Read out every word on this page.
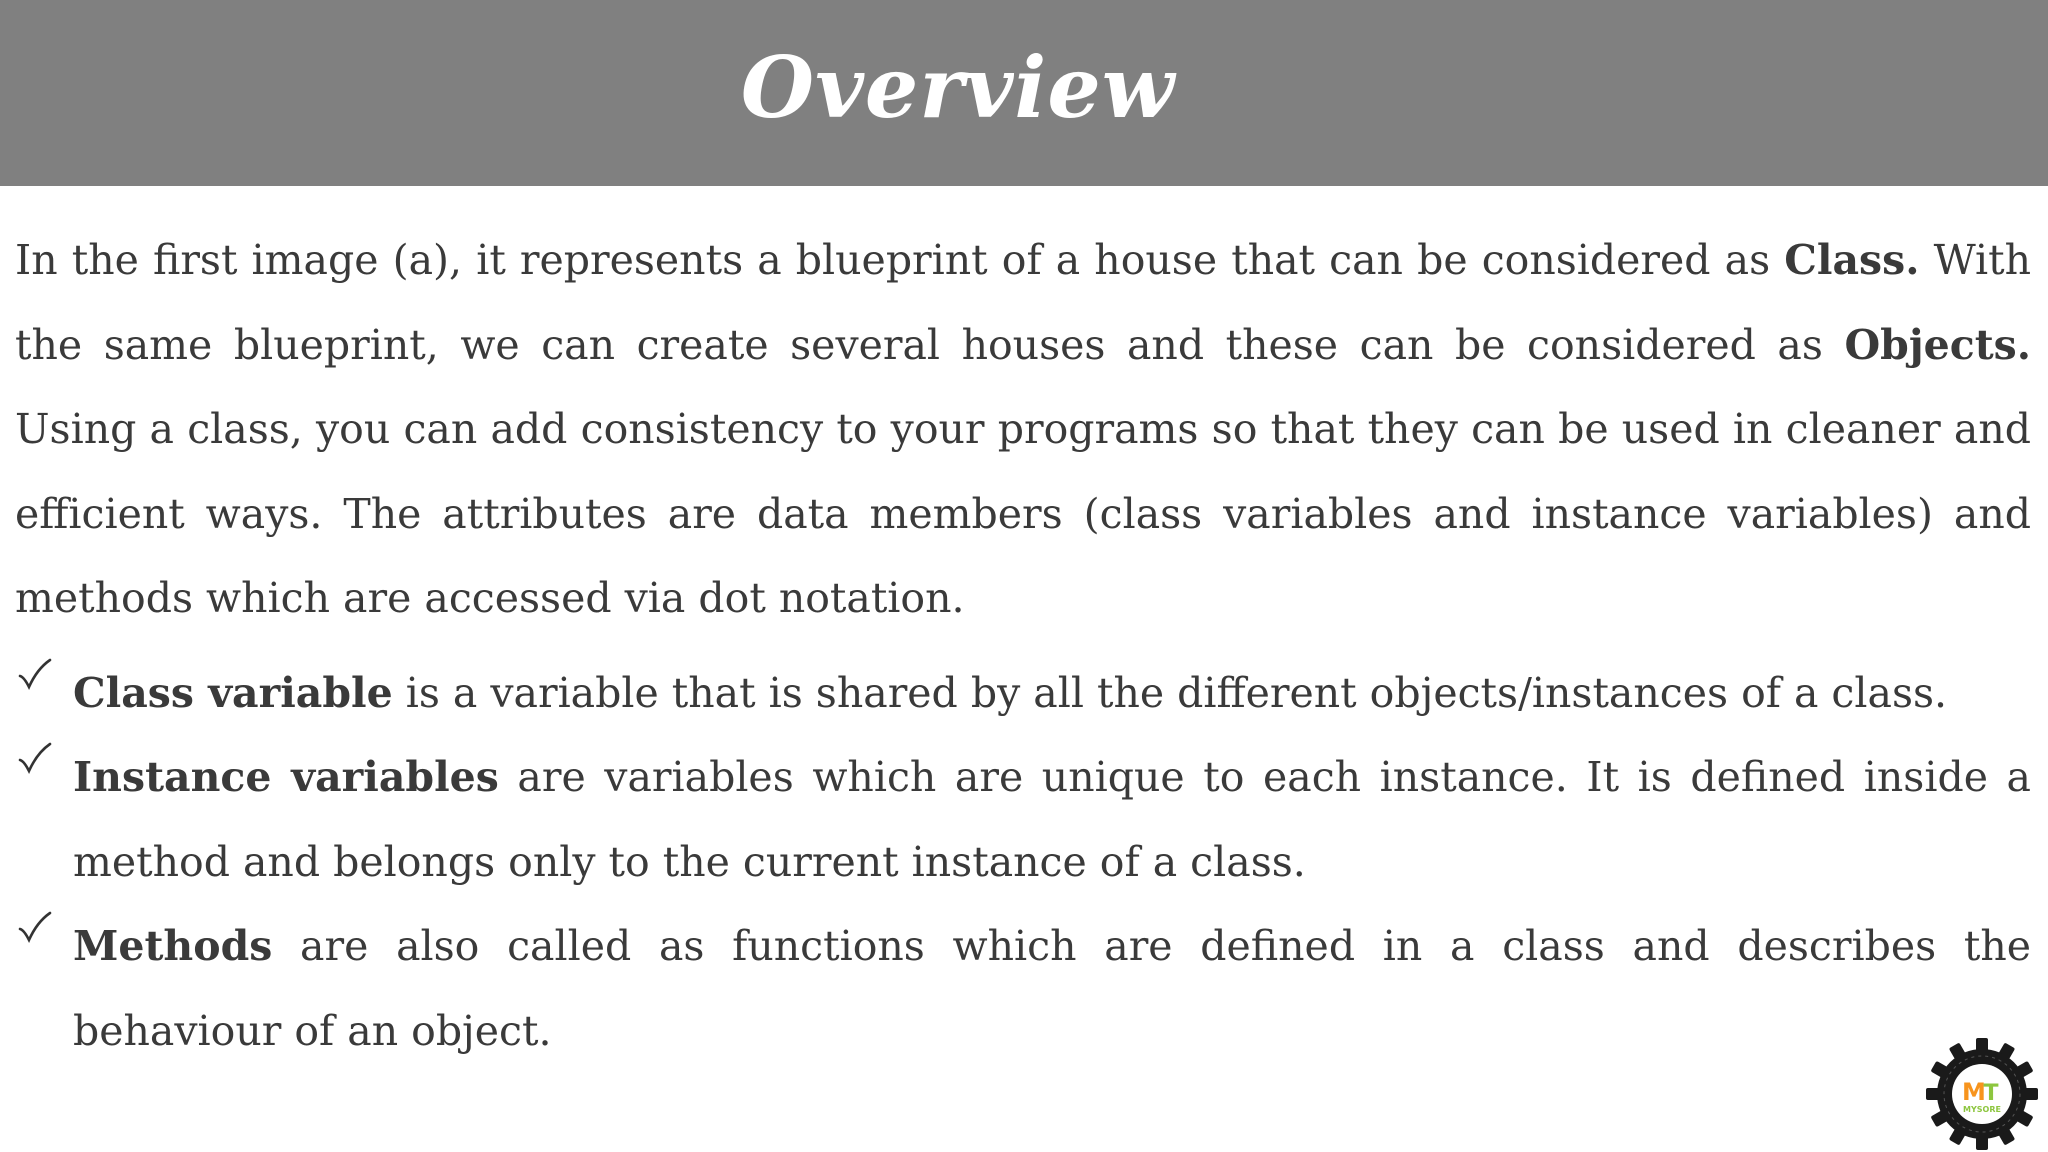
Overview

In the first image (a), it represents a blueprint of a house that can be considered as Class. With the same blueprint, we can create several houses and these can be considered as Objects. Using a class, you can add consistency to your programs so that they can be used in cleaner and efficient ways. The attributes are data members (class variables and instance variables) and methods which are accessed via dot notation.

Class variable is a variable that is shared by all the different objects/instances of a class.
Instance variables are variables which are unique to each instance. It is defined inside a method and belongs only to the current instance of a class.
Methods are also called as functions which are defined in a class and describes the behaviour of an object.
M
T
MYSORE
